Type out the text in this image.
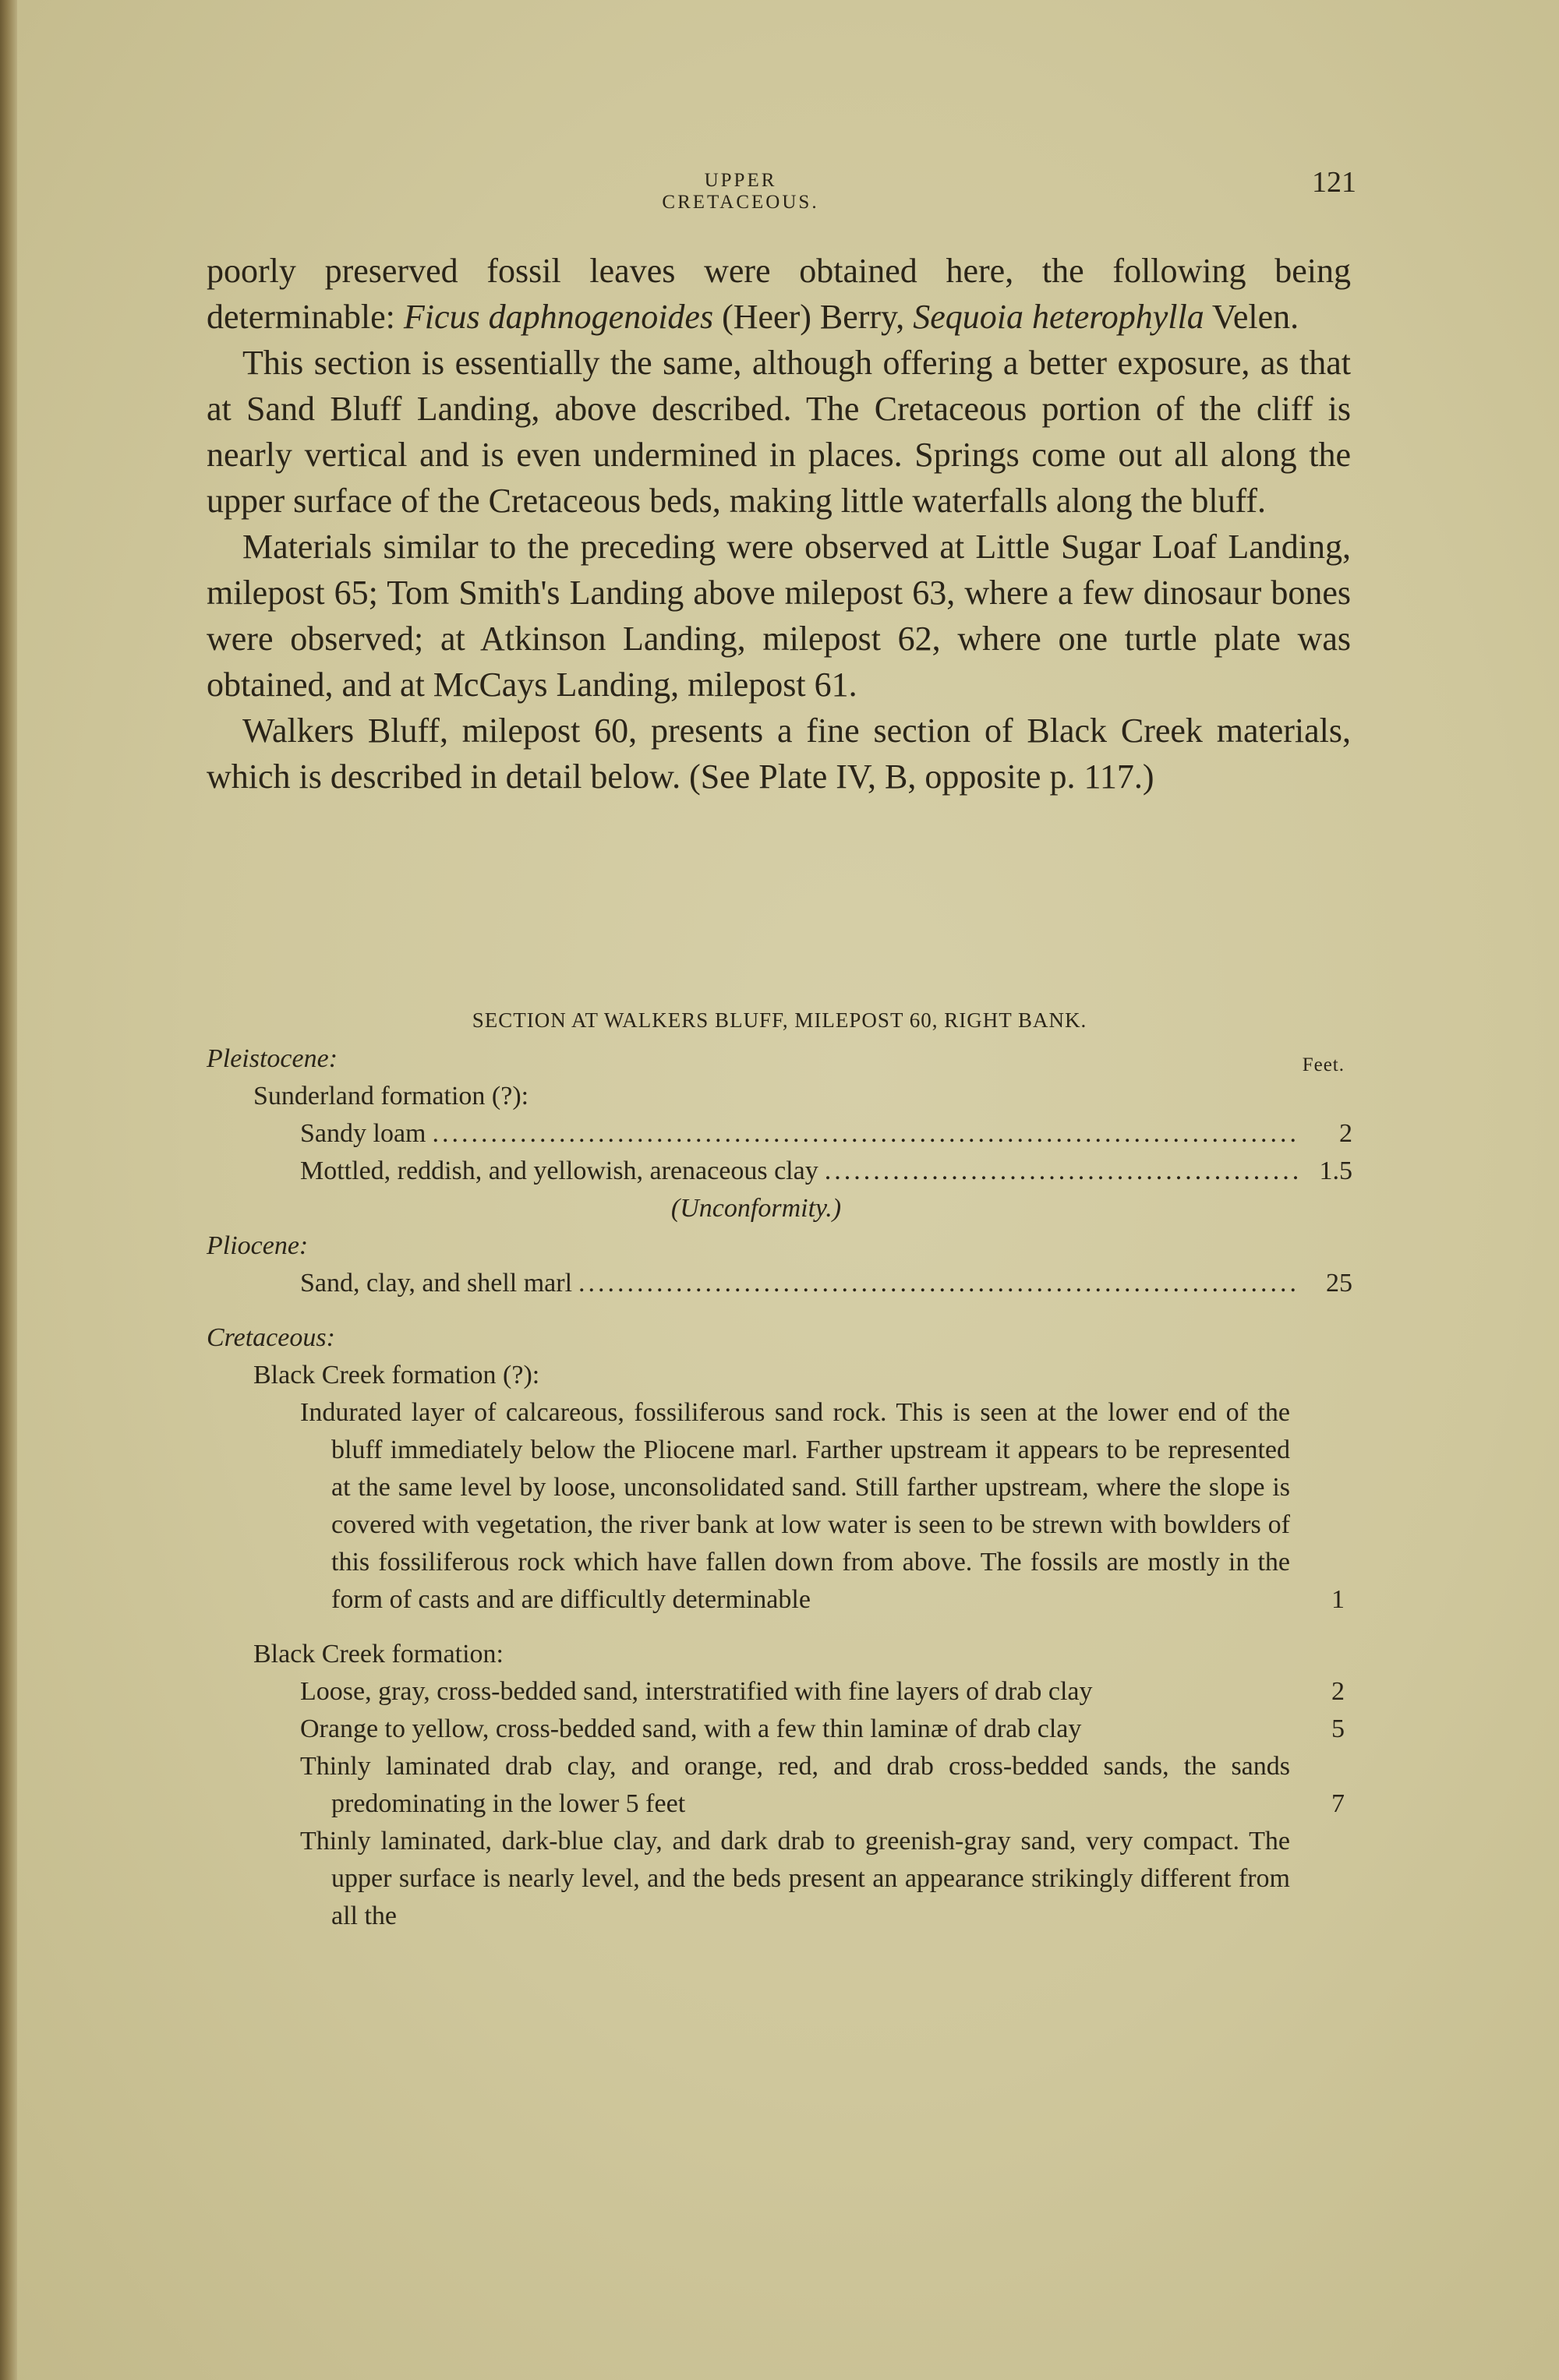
UPPER CRETACEOUS.
121

poorly preserved fossil leaves were obtained here, the following being determinable: Ficus daphnogenoides (Heer) Berry, Sequoia heterophylla Velen.

This section is essentially the same, although offering a better exposure, as that at Sand Bluff Landing, above described. The Cretaceous portion of the cliff is nearly vertical and is even undermined in places. Springs come out all along the upper surface of the Cretaceous beds, making little waterfalls along the bluff.

Materials similar to the preceding were observed at Little Sugar Loaf Landing, milepost 65; Tom Smith's Landing above milepost 63, where a few dinosaur bones were observed; at Atkinson Landing, milepost 62, where one turtle plate was obtained, and at McCays Landing, milepost 61.

Walkers Bluff, milepost 60, presents a fine section of Black Creek materials, which is described in detail below. (See Plate IV, B, opposite p. 117.)

SECTION AT WALKERS BLUFF, MILEPOST 60, RIGHT BANK.
Pleistocene:	Feet.
Sunderland formation (?):
Sandy loam .....	2
Mottled, reddish, and yellowish, arenaceous clay .....	1.5
(Unconformity.)
Pliocene:
Sand, clay, and shell marl .....	25
Cretaceous:
Black Creek formation (?):
Indurated layer of calcareous, fossiliferous sand rock. This is seen at the lower end of the bluff immediately below the Pliocene marl. Farther upstream it appears to be represented at the same level by loose, unconsolidated sand. Still farther upstream, where the slope is covered with vegetation, the river bank at low water is seen to be strewn with bowlders of this fossiliferous rock which have fallen down from above. The fossils are mostly in the form of casts and are difficultly determinable	1
Black Creek formation:
Loose, gray, cross-bedded sand, interstratified with fine layers of drab clay	2
Orange to yellow, cross-bedded sand, with a few thin laminæ of drab clay	5
Thinly laminated drab clay, and orange, red, and drab cross-bedded sands, the sands predominating in the lower 5 feet	7
Thinly laminated, dark-blue clay, and dark drab to greenish-gray sand, very compact. The upper surface is nearly level, and the beds present an appearance strikingly different from all the
